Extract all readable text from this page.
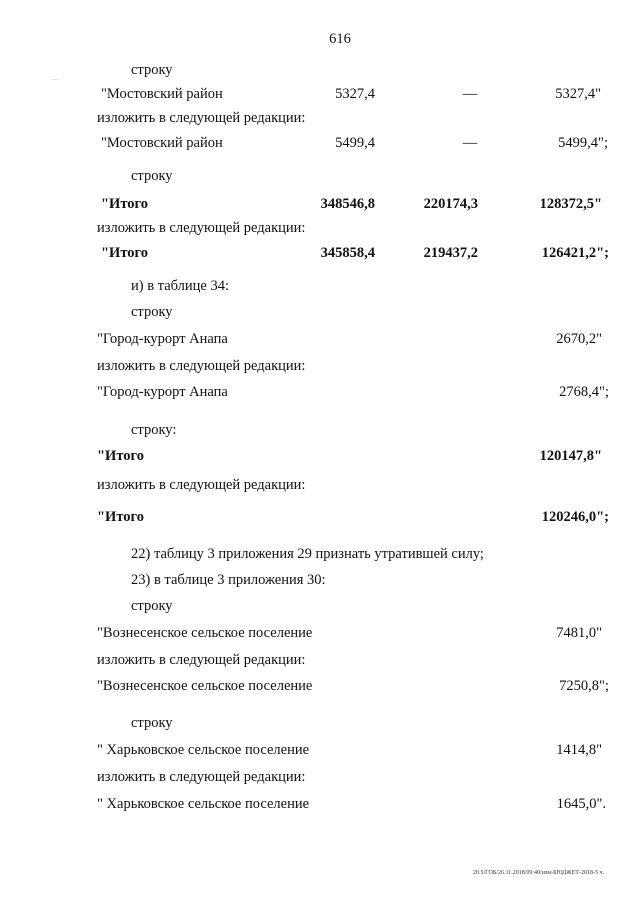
616
....
строку
"Мостовский район	5327,4	—	5327,4"
изложить в следующей редакции:
"Мостовский район	5499,4	—	5499,4";
строку
"Итого	348546,8	220174,3	128372,5"
изложить в следующей редакции:
"Итого	345858,4	219437,2	126421,2";
и) в таблице 34:
строку
"Город-курорт Анапа	2670,2"
изложить в следующей редакции:
"Город-курорт Анапа	2768,4";
строку:
"Итого	120147,8"
изложить в следующей редакции:
"Итого	120246,0";
22) таблицу 3 приложения 29 признать утратившей силу;
23) в таблице 3 приложения 30:
строку
"Вознесенское сельское поселение	7481,0"
изложить в следующей редакции:
"Вознесенское сельское поселение	7250,8";
строку
" Харьковское сельское поселение	1414,8"
изложить в следующей редакции:
" Харьковское сельское поселение	1645,0".
20.5/ГОБ/26.11.2018/09:40/изм-БЮДЖЕТ-2018-5 ч.
